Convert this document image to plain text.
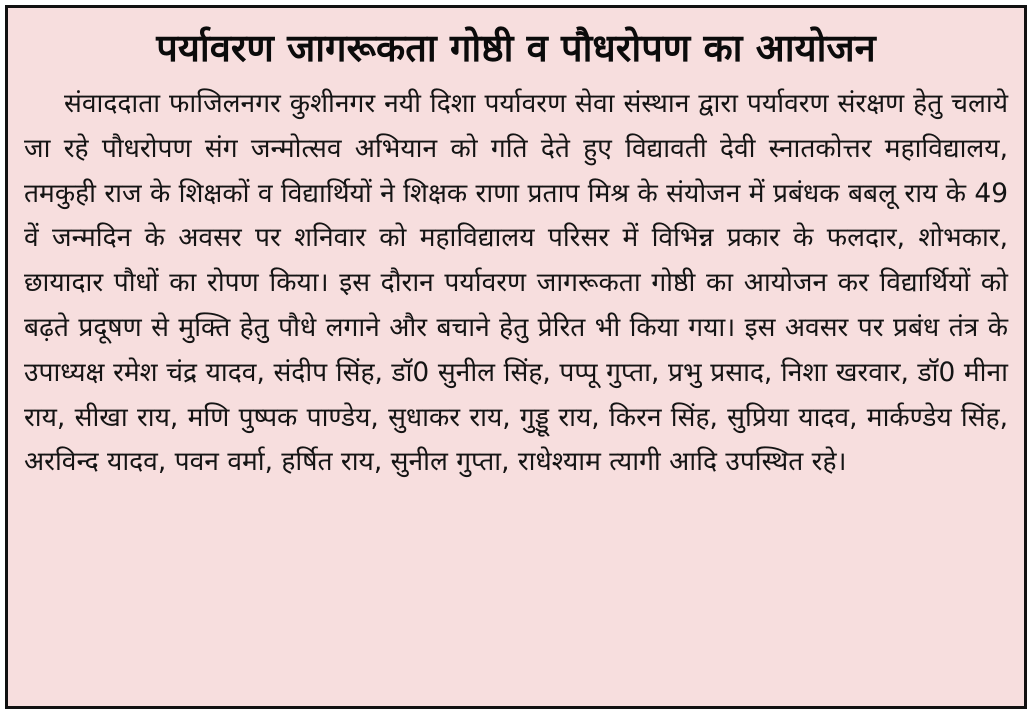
पर्यावरण जागरूकता गोष्ठी व पौधरोपण का आयोजन

संवाददाता फाजिलनगर कुशीनगर नयी दिशा पर्यावरण सेवा संस्थान द्वारा पर्यावरण संरक्षण हेतु चलाये जा रहे पौधरोपण संग जन्मोत्सव अभियान को गति देते हुए विद्यावती देवी स्नातकोत्तर महाविद्यालय, तमकुही राज के शिक्षकों व विद्यार्थियों ने शिक्षक राणा प्रताप मिश्र के संयोजन में प्रबंधक बबलू राय के 49 वें जन्मदिन के अवसर पर शनिवार को महाविद्यालय परिसर में विभिन्न प्रकार के फलदार, शोभकार, छायादार पौधों का रोपण किया। इस दौरान पर्यावरण जागरूकता गोष्ठी का आयोजन कर विद्यार्थियों को बढ़ते प्रदूषण से मुक्ति हेतु पौधे लगाने और बचाने हेतु प्रेरित भी किया गया। इस अवसर पर प्रबंध तंत्र के उपाध्यक्ष रमेश चंद्र यादव, संदीप सिंह, डॉ0 सुनील सिंह, पप्पू गुप्ता, प्रभु प्रसाद, निशा खरवार, डॉ0 मीना राय, सीखा राय, मणि पुष्पक पाण्डेय, सुधाकर राय, गुड्डू राय, किरन सिंह, सुप्रिया यादव, मार्कण्डेय सिंह, अरविन्द यादव, पवन वर्मा, हर्षित राय, सुनील गुप्ता, राधेश्याम त्यागी आदि उपस्थित रहे।
